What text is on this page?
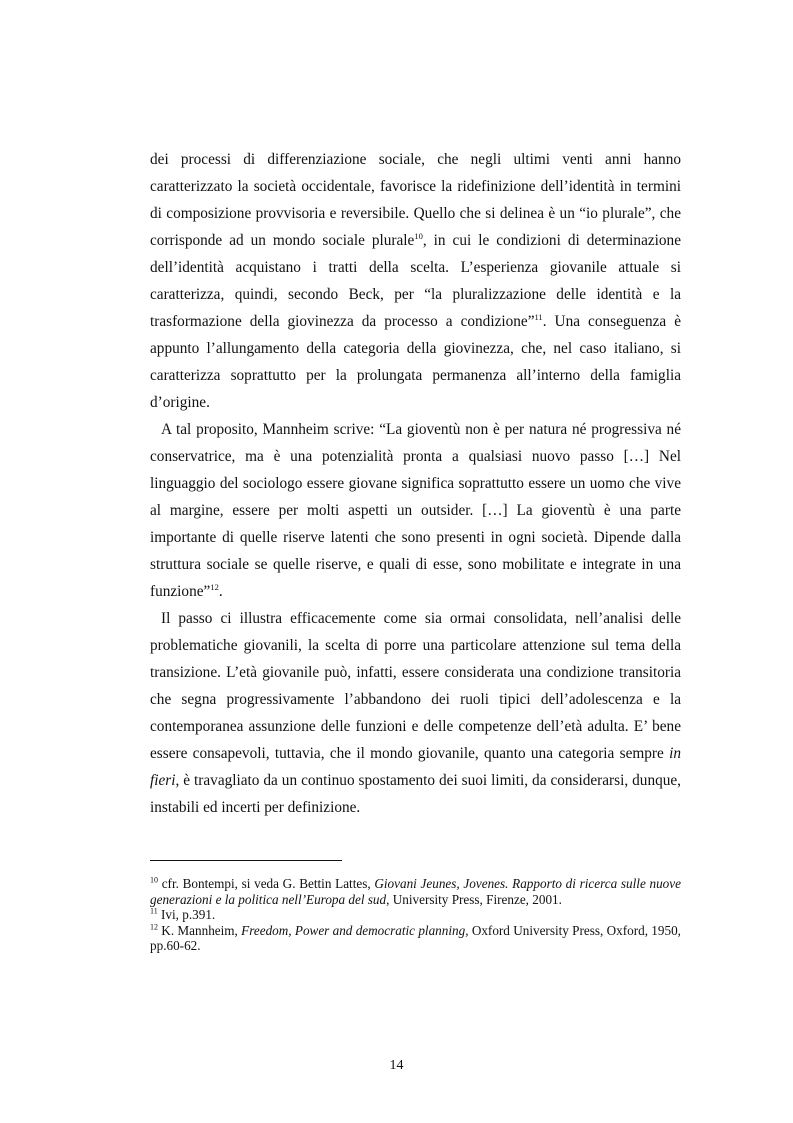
dei processi di differenziazione sociale, che negli ultimi venti anni hanno caratterizzato la società occidentale, favorisce la ridefinizione dell’identità in termini di composizione provvisoria e reversibile. Quello che si delinea è un “io plurale”, che corrisponde ad un mondo sociale plurale$^{10}$, in cui le condizioni di determinazione dell’identità acquistano i tratti della scelta. L’esperienza giovanile attuale si caratterizza, quindi, secondo Beck, per “la pluralizzazione delle identità e la trasformazione della giovinezza da processo a condizione”$^{11}$. Una conseguenza è appunto l’allungamento della categoria della giovinezza, che, nel caso italiano, si caratterizza soprattutto per la prolungata permanenza all’interno della famiglia d’origine.

A tal proposito, Mannheim scrive: “La gioventù non è per natura né progressiva né conservatrice, ma è una potenzialità pronta a qualsiasi nuovo passo […] Nel linguaggio del sociologo essere giovane significa soprattutto essere un uomo che vive al margine, essere per molti aspetti un outsider. […] La gioventù è una parte importante di quelle riserve latenti che sono presenti in ogni società. Dipende dalla struttura sociale se quelle riserve, e quali di esse, sono mobilitate e integrate in una funzione”$^{12}$.

Il passo ci illustra efficacemente come sia ormai consolidata, nell’analisi delle problematiche giovanili, la scelta di porre una particolare attenzione sul tema della transizione. L’età giovanile può, infatti, essere considerata una condizione transitoria che segna progressivamente l’abbandono dei ruoli tipici dell’adolescenza e la contemporanea assunzione delle funzioni e delle competenze dell’età adulta. E’ bene essere consapevoli, tuttavia, che il mondo giovanile, quanto una categoria sempre in fieri, è travagliato da un continuo spostamento dei suoi limiti, da considerarsi, dunque, instabili ed incerti per definizione.

$^{10}$ cfr. Bontempi, si veda G. Bettin Lattes, Giovani Jeunes, Jovenes. Rapporto di ricerca sulle nuove generazioni e la politica nell’Europa del sud, University Press, Firenze, 2001.

$^{11}$ Ivi, p.391.

$^{12}$ K. Mannheim, Freedom, Power and democratic planning, Oxford University Press, Oxford, 1950, pp.60-62.

14
